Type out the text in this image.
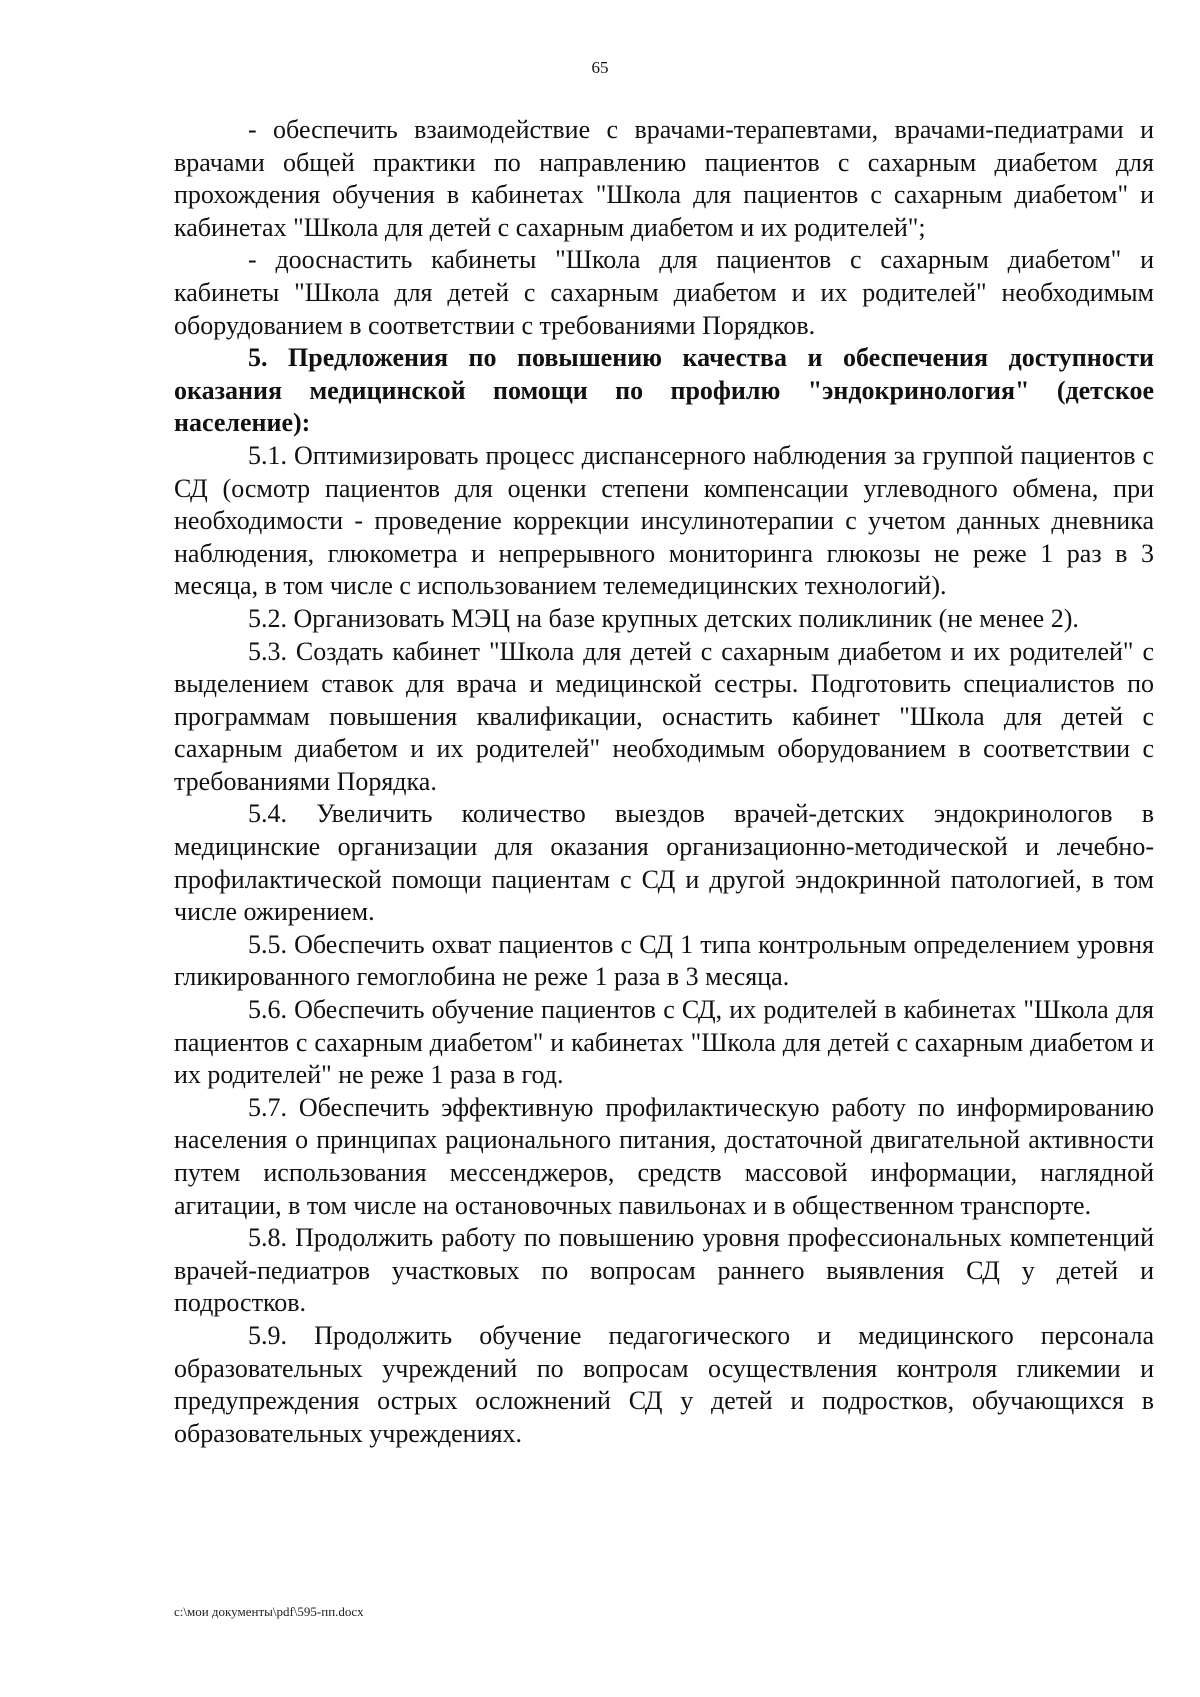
65

- обеспечить взаимодействие с врачами-терапевтами, врачами-педиатрами и врачами общей практики по направлению пациентов с сахарным диабетом для прохождения обучения в кабинетах "Школа для пациентов с сахарным диабетом" и кабинетах "Школа для детей с сахарным диабетом и их родителей";

- дооснастить кабинеты "Школа для пациентов с сахарным диабетом" и кабинеты "Школа для детей с сахарным диабетом и их родителей" необходимым оборудованием в соответствии с требованиями Порядков.

5. Предложения по повышению качества и обеспечения доступности оказания медицинской помощи по профилю "эндокринология" (детское население):

5.1. Оптимизировать процесс диспансерного наблюдения за группой пациентов с СД (осмотр пациентов для оценки степени компенсации углеводного обмена, при необходимости - проведение коррекции инсулинотерапии с учетом данных дневника наблюдения, глюкометра и непрерывного мониторинга глюкозы не реже 1 раз в 3 месяца, в том числе с использованием телемедицинских технологий).

5.2. Организовать МЭЦ на базе крупных детских поликлиник (не менее 2).

5.3. Создать кабинет "Школа для детей с сахарным диабетом и их родителей" с выделением ставок для врача и медицинской сестры. Подготовить специалистов по программам повышения квалификации, оснастить кабинет "Школа для детей с сахарным диабетом и их родителей" необходимым оборудованием в соответствии с требованиями Порядка.

5.4. Увеличить количество выездов врачей-детских эндокринологов в медицинские организации для оказания организационно-методической и лечебно-профилактической помощи пациентам с СД и другой эндокринной патологией, в том числе ожирением.

5.5. Обеспечить охват пациентов с СД 1 типа контрольным определением уровня гликированного гемоглобина не реже 1 раза в 3 месяца.

5.6. Обеспечить обучение пациентов с СД, их родителей в кабинетах "Школа для пациентов с сахарным диабетом" и кабинетах "Школа для детей с сахарным диабетом и их родителей" не реже 1 раза в год.

5.7. Обеспечить эффективную профилактическую работу по информированию населения о принципах рационального питания, достаточной двигательной активности путем использования мессенджеров, средств массовой информации, наглядной агитации, в том числе на остановочных павильонах и в общественном транспорте.

5.8. Продолжить работу по повышению уровня профессиональных компетенций врачей-педиатров участковых по вопросам раннего выявления СД у детей и подростков.

5.9. Продолжить обучение педагогического и медицинского персонала образовательных учреждений по вопросам осуществления контроля гликемии и предупреждения острых осложнений СД у детей и подростков, обучающихся в образовательных учреждениях.

c:\мои документы\pdf\595-пп.docx
